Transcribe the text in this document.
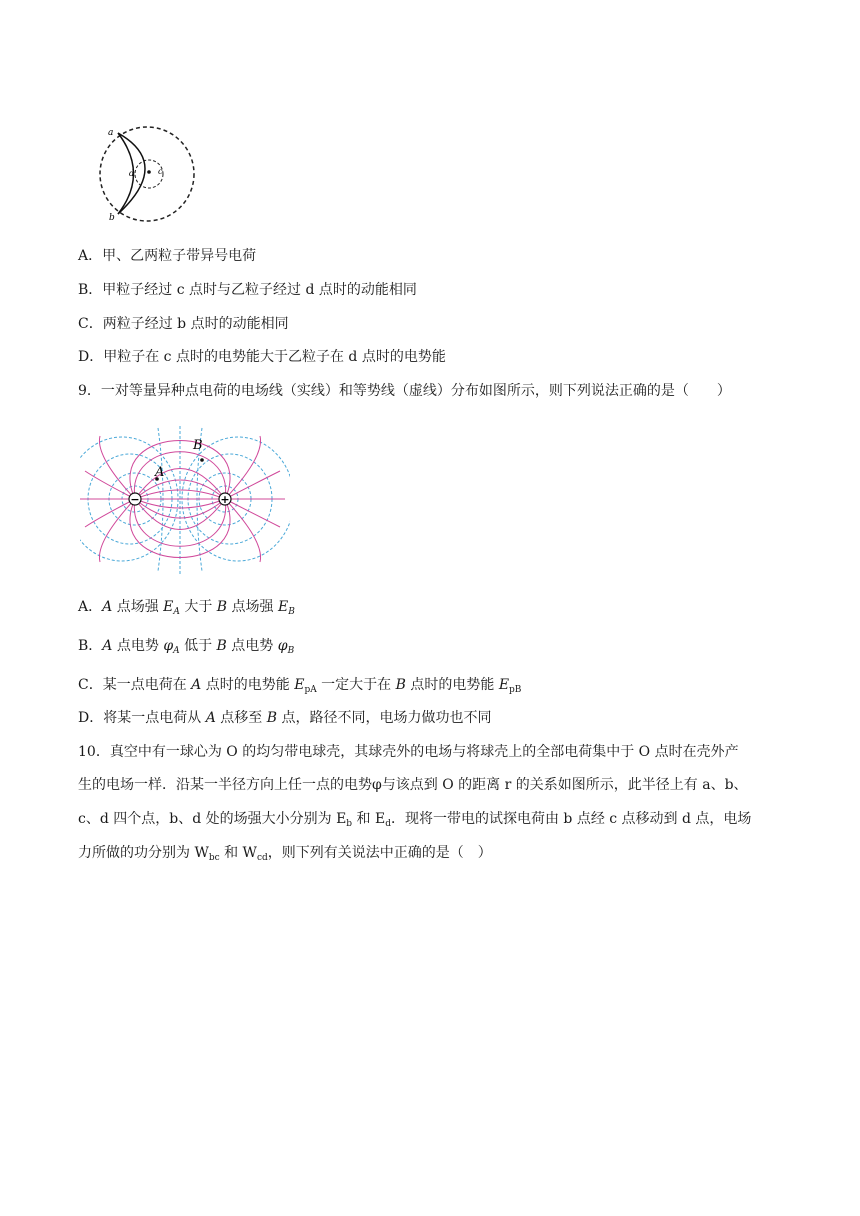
a
b
c
d
A．甲、乙两粒子带异号电荷
B．甲粒子经过 c 点时与乙粒子经过 d 点时的动能相同
C．两粒子经过 b 点时的动能相同
D．甲粒子在 c 点时的电势能大于乙粒子在 d 点时的电势能
9．一对等量异种点电荷的电场线（实线）和等势线（虚线）分布如图所示，则下列说法正确的是（　　）
−	+
A
B
A．A 点场强 $E_A$ 大于 B 点场强 $E_B$
B．A 点电势 $\varphi_A$ 低于 B 点电势 $\varphi_B$
C．某一点电荷在 A 点时的电势能 $E_{pA}$ 一定大于在 B 点时的电势能 $E_{pB}$
D．将某一点电荷从 A 点移至 B 点，路径不同，电场力做功也不同
10．真空中有一球心为 O 的均匀带电球壳，其球壳外的电场与将球壳上的全部电荷集中于 O 点时在壳外产
生的电场一样．沿某一半径方向上任一点的电势φ与该点到 O 的距离 r 的关系如图所示，此半径上有 a、b、
c、d 四个点，b、d 处的场强大小分别为 $E_b$ 和 $E_d$．现将一带电的试探电荷由 b 点经 c 点移动到 d 点，电场
力所做的功分别为 $W_{bc}$ 和 $W_{cd}$，则下列有关说法中正确的是（　）
